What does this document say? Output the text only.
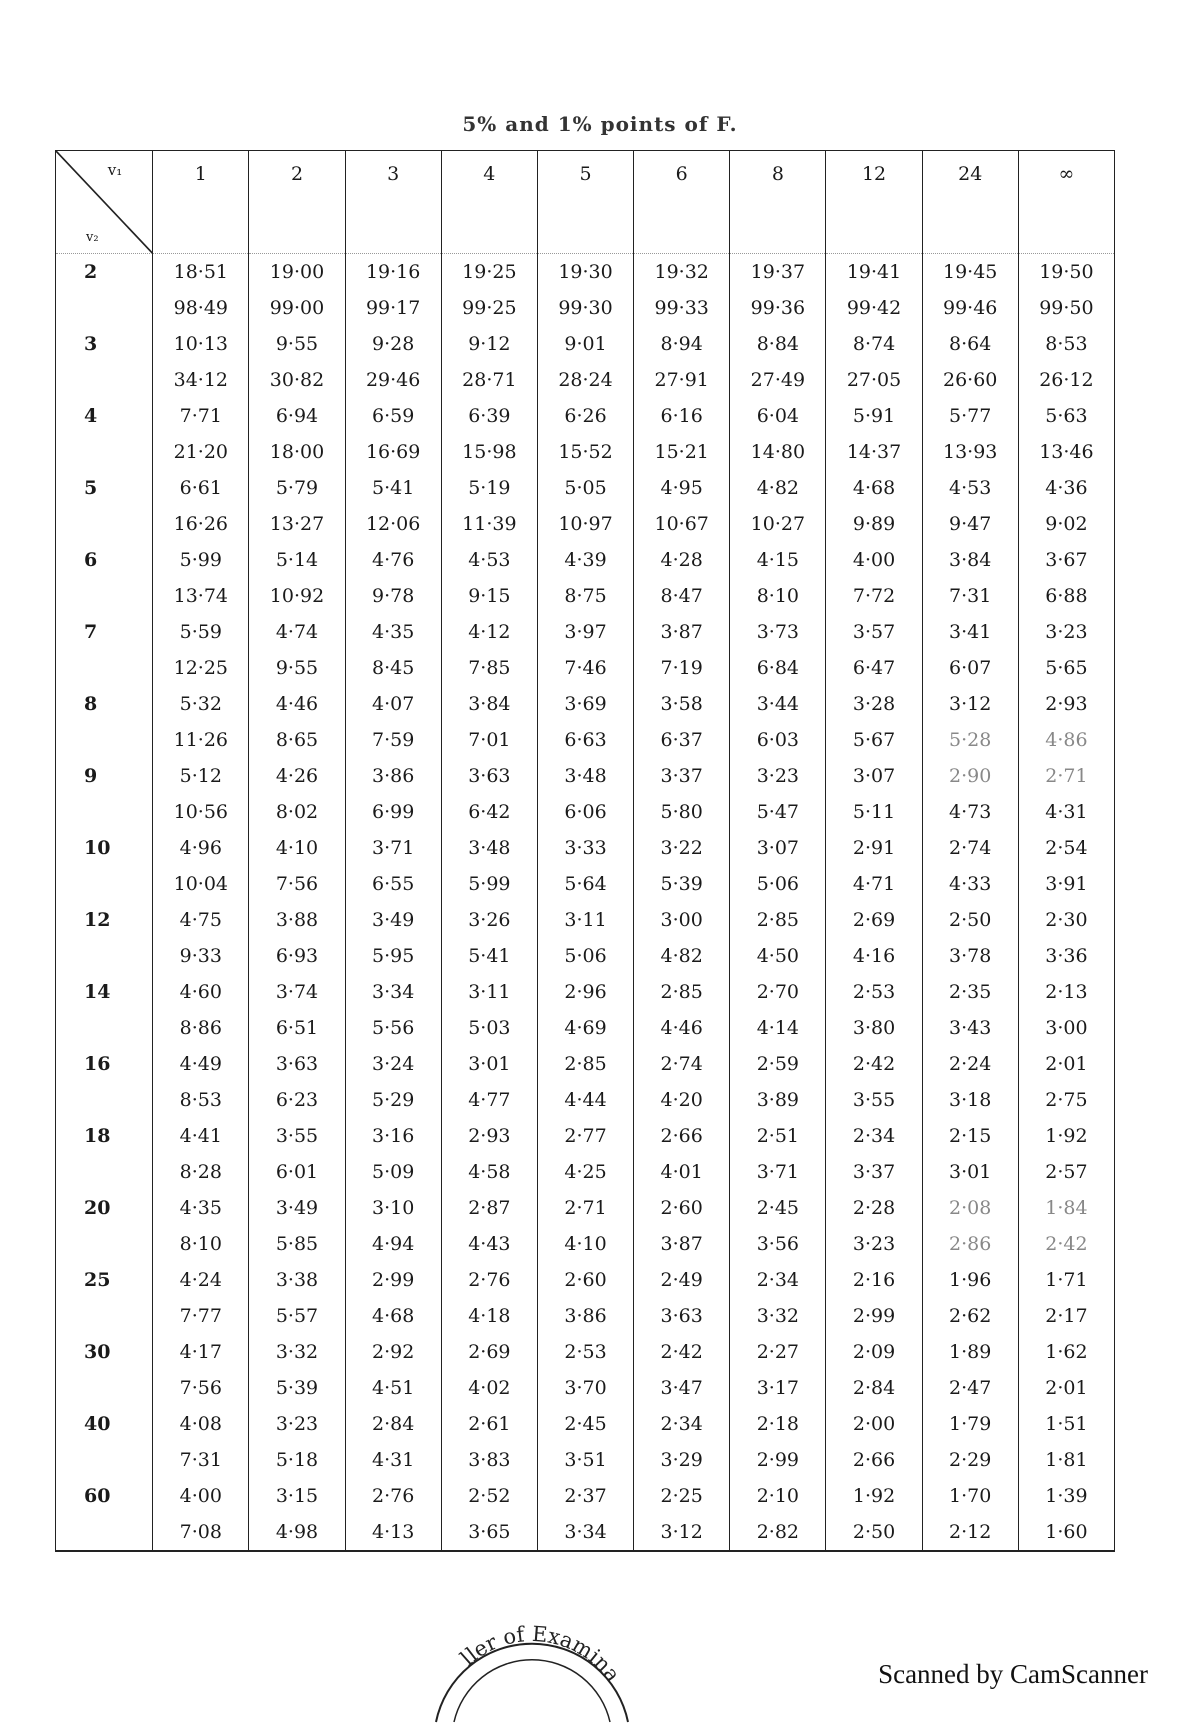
5% and 1% points of F.
v₁
v₂	1	2	3	4	5	6	8	12	24	∞
2	18·51	19·00	19·16	19·25	19·30	19·32	19·37	19·41	19·45	19·50
	98·49	99·00	99·17	99·25	99·30	99·33	99·36	99·42	99·46	99·50
3	10·13	9·55	9·28	9·12	9·01	8·94	8·84	8·74	8·64	8·53
	34·12	30·82	29·46	28·71	28·24	27·91	27·49	27·05	26·60	26·12
4	7·71	6·94	6·59	6·39	6·26	6·16	6·04	5·91	5·77	5·63
	21·20	18·00	16·69	15·98	15·52	15·21	14·80	14·37	13·93	13·46
5	6·61	5·79	5·41	5·19	5·05	4·95	4·82	4·68	4·53	4·36
	16·26	13·27	12·06	11·39	10·97	10·67	10·27	9·89	9·47	9·02
6	5·99	5·14	4·76	4·53	4·39	4·28	4·15	4·00	3·84	3·67
	13·74	10·92	9·78	9·15	8·75	8·47	8·10	7·72	7·31	6·88
7	5·59	4·74	4·35	4·12	3·97	3·87	3·73	3·57	3·41	3·23
	12·25	9·55	8·45	7·85	7·46	7·19	6·84	6·47	6·07	5·65
8	5·32	4·46	4·07	3·84	3·69	3·58	3·44	3·28	3·12	2·93
	11·26	8·65	7·59	7·01	6·63	6·37	6·03	5·67	5·28	4·86
9	5·12	4·26	3·86	3·63	3·48	3·37	3·23	3·07	2·90	2·71
	10·56	8·02	6·99	6·42	6·06	5·80	5·47	5·11	4·73	4·31
10	4·96	4·10	3·71	3·48	3·33	3·22	3·07	2·91	2·74	2·54
	10·04	7·56	6·55	5·99	5·64	5·39	5·06	4·71	4·33	3·91
12	4·75	3·88	3·49	3·26	3·11	3·00	2·85	2·69	2·50	2·30
	9·33	6·93	5·95	5·41	5·06	4·82	4·50	4·16	3·78	3·36
14	4·60	3·74	3·34	3·11	2·96	2·85	2·70	2·53	2·35	2·13
	8·86	6·51	5·56	5·03	4·69	4·46	4·14	3·80	3·43	3·00
16	4·49	3·63	3·24	3·01	2·85	2·74	2·59	2·42	2·24	2·01
	8·53	6·23	5·29	4·77	4·44	4·20	3·89	3·55	3·18	2·75
18	4·41	3·55	3·16	2·93	2·77	2·66	2·51	2·34	2·15	1·92
	8·28	6·01	5·09	4·58	4·25	4·01	3·71	3·37	3·01	2·57
20	4·35	3·49	3·10	2·87	2·71	2·60	2·45	2·28	2·08	1·84
	8·10	5·85	4·94	4·43	4·10	3·87	3·56	3·23	2·86	2·42
25	4·24	3·38	2·99	2·76	2·60	2·49	2·34	2·16	1·96	1·71
	7·77	5·57	4·68	4·18	3·86	3·63	3·32	2·99	2·62	2·17
30	4·17	3·32	2·92	2·69	2·53	2·42	2·27	2·09	1·89	1·62
	7·56	5·39	4·51	4·02	3·70	3·47	3·17	2·84	2·47	2·01
40	4·08	3·23	2·84	2·61	2·45	2·34	2·18	2·00	1·79	1·51
	7·31	5·18	4·31	3·83	3·51	3·29	2·99	2·66	2·29	1·81
60	4·00	3·15	2·76	2·52	2·37	2·25	2·10	1·92	1·70	1·39
	7·08	4·98	4·13	3·65	3·34	3·12	2·82	2·50	2·12	1·60
ller of Examina	Scanned by CamScanner
